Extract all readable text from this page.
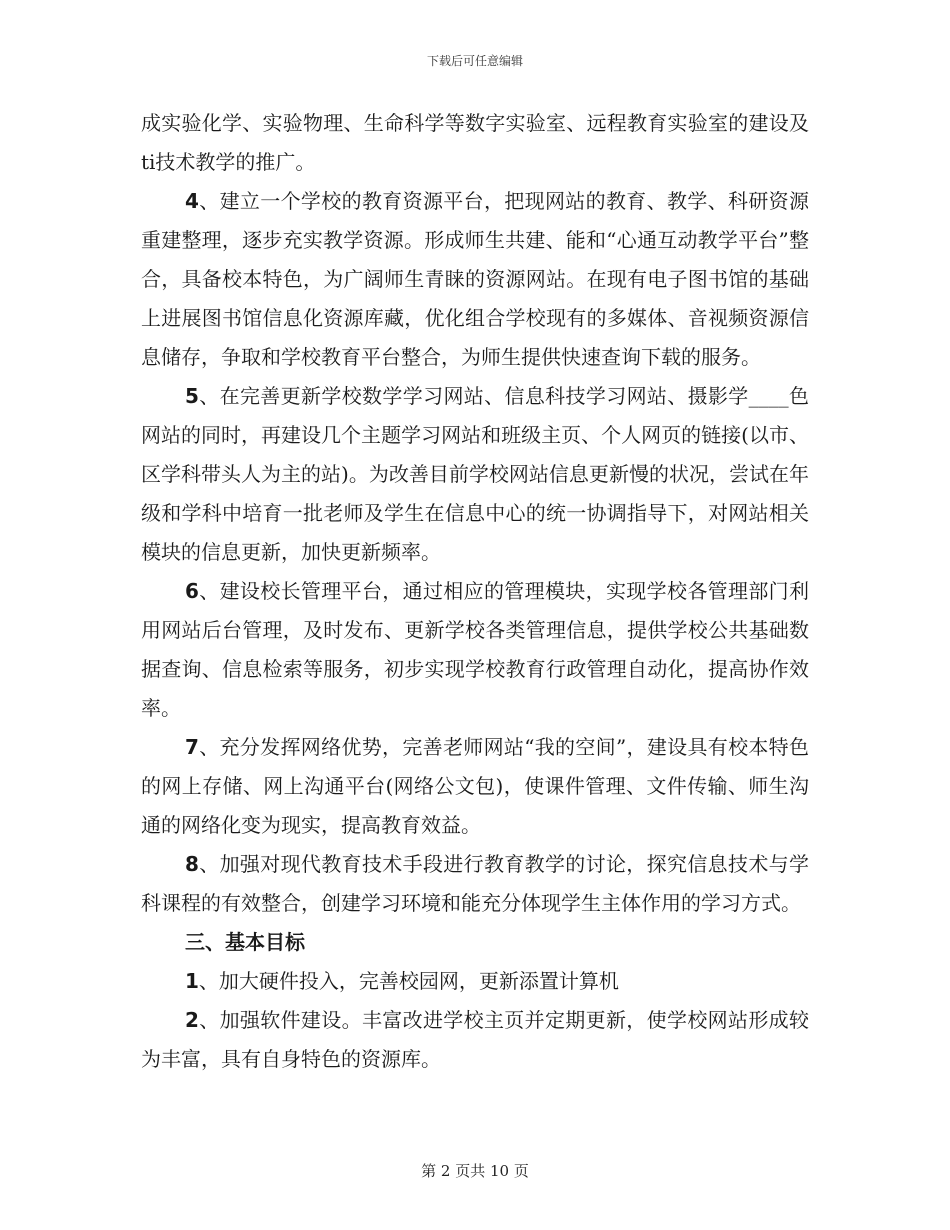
下载后可任意编辑

成实验化学、实验物理、生命科学等数字实验室、远程教育实验室的建设及ti技术教学的推广。

4、建立一个学校的教育资源平台，把现网站的教育、教学、科研资源重建整理，逐步充实教学资源。形成师生共建、能和“心通互动教学平台”整合，具备校本特色，为广阔师生青睐的资源网站。在现有电子图书馆的基础上进展图书馆信息化资源库藏，优化组合学校现有的多媒体、音视频资源信息储存，争取和学校教育平台整合，为师生提供快速查询下载的服务。

5、在完善更新学校数学学习网站、信息科技学习网站、摄影学____色网站的同时，再建设几个主题学习网站和班级主页、个人网页的链接(以市、区学科带头人为主的站)。为改善目前学校网站信息更新慢的状况，尝试在年级和学科中培育一批老师及学生在信息中心的统一协调指导下，对网站相关模块的信息更新，加快更新频率。

6、建设校长管理平台，通过相应的管理模块，实现学校各管理部门利用网站后台管理，及时发布、更新学校各类管理信息，提供学校公共基础数据查询、信息检索等服务，初步实现学校教育行政管理自动化，提高协作效率。

7、充分发挥网络优势，完善老师网站“我的空间”，建设具有校本特色的网上存储、网上沟通平台(网络公文包)，使课件管理、文件传输、师生沟通的网络化变为现实，提高教育效益。

8、加强对现代教育技术手段进行教育教学的讨论，探究信息技术与学科课程的有效整合，创建学习环境和能充分体现学生主体作用的学习方式。

三、基本目标

1、加大硬件投入，完善校园网，更新添置计算机

2、加强软件建设。丰富改进学校主页并定期更新，使学校网站形成较为丰富，具有自身特色的资源库。

第 2 页共 10 页
